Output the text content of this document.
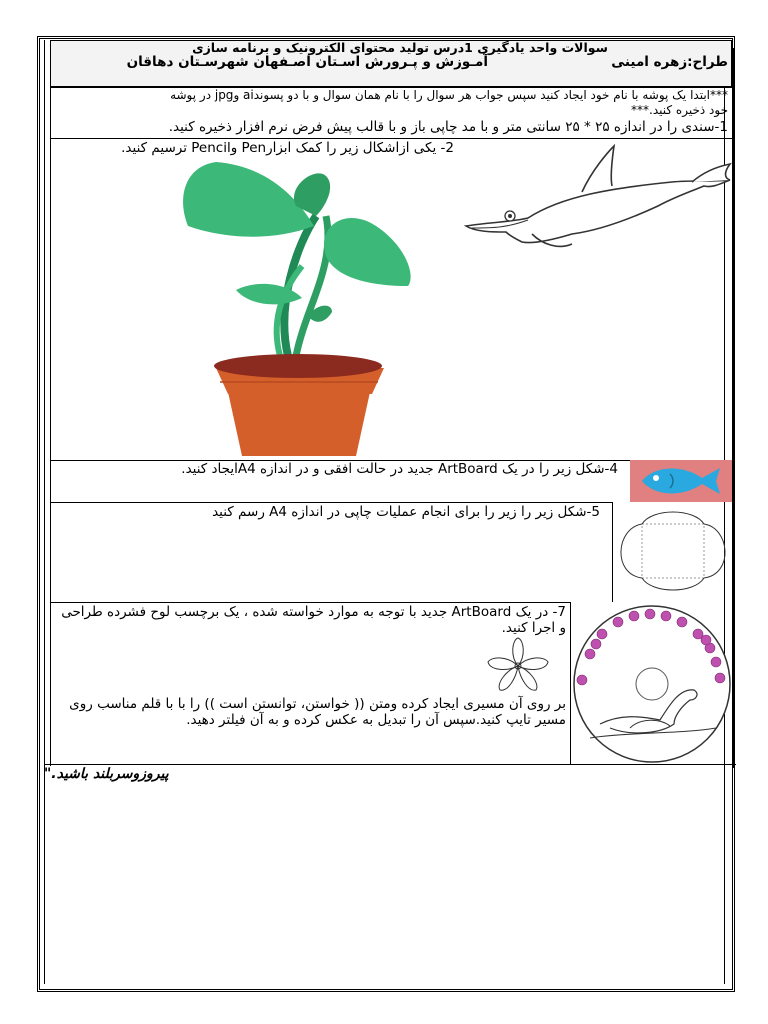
سوالات واحد یادگیری 1درس تولید محتوای الکترونیک و برنامه سازی
طراح:زهره امینی
آمـوزش و پـرورش اسـتان اصـفهان شهرسـتان دهاقان
***ابتدا یک پوشه با نام خود ایجاد کنید سپس جواب هر سوال را با نام همان سوال و با دو پسوندai وjpg در پوشه
خود ذخیره کنید.***
1-سندی را در اندازه ۲۵ * ۲۵ سانتی متر و با مد چاپی باز و با قالب پیش فرض نرم افزار ذخیره کنید.
2- یکی ازاشکال زیر را کمک ابزارPen وPencil ترسیم کنید.
4-شکل زیر را در یک ArtBoard جدید در حالت افقی و در اندازه A4ایجاد کنید.
5-شکل زیر را زیر را برای انجام عملیات چاپی در اندازه A4 رسم کنید
7- در یک ArtBoard جدید با توجه به موارد خواسته شده ، یک برچسب لوح فشرده طراحی و اجرا کنید.
بر روی آن مسیری ایجاد کرده ومتن (( خواستن، توانستن است )) را با با قلم مناسب روی مسیر تایپ کنید.سپس آن را تبدیل به عکس کرده و به آن فیلتر دهید.
پیروزوسربلند باشید."
